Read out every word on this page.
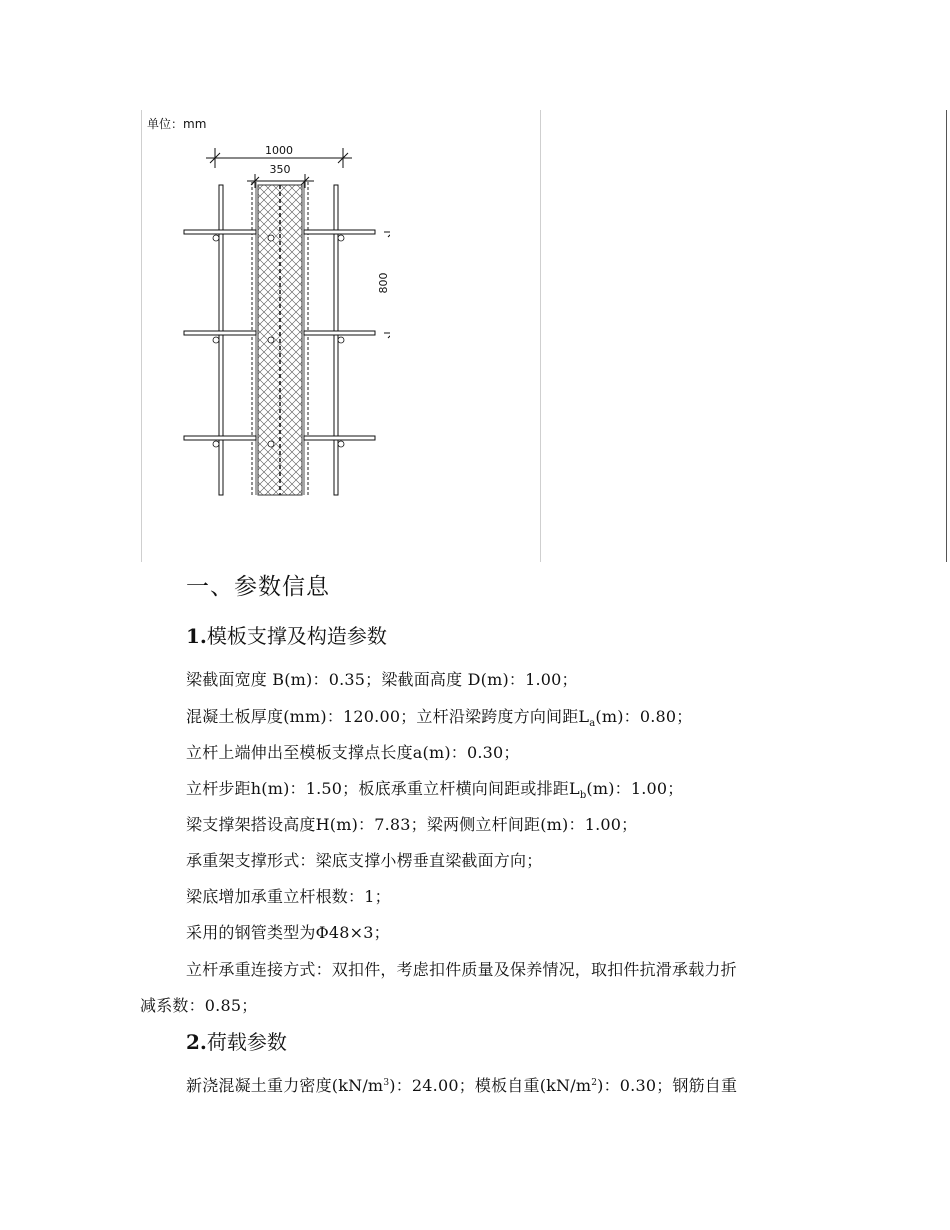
单位：mm
1000
350
800
一、参数信息
1.模板支撑及构造参数
梁截面宽度 B(m)：0.35；梁截面高度 D(m)：1.00；
混凝土板厚度(mm)：120.00；立杆沿梁跨度方向间距$L_a(m)$：0.80；
立杆上端伸出至模板支撑点长度a(m)：0.30；
立杆步距h(m)：1.50；板底承重立杆横向间距或排距$L_b(m)$：1.00；
梁支撑架搭设高度H(m)：7.83；梁两侧立杆间距(m)：1.00；
承重架支撑形式：梁底支撑小楞垂直梁截面方向；
梁底增加承重立杆根数：1；
采用的钢管类型为Φ48×3；
立杆承重连接方式：双扣件，考虑扣件质量及保养情况，取扣件抗滑承载力折
减系数：0.85；
2.荷载参数
新浇混凝土重力密度$(kN/m^3)$：24.00；模板自重$(kN/m^2)$：0.30；钢筋自重
